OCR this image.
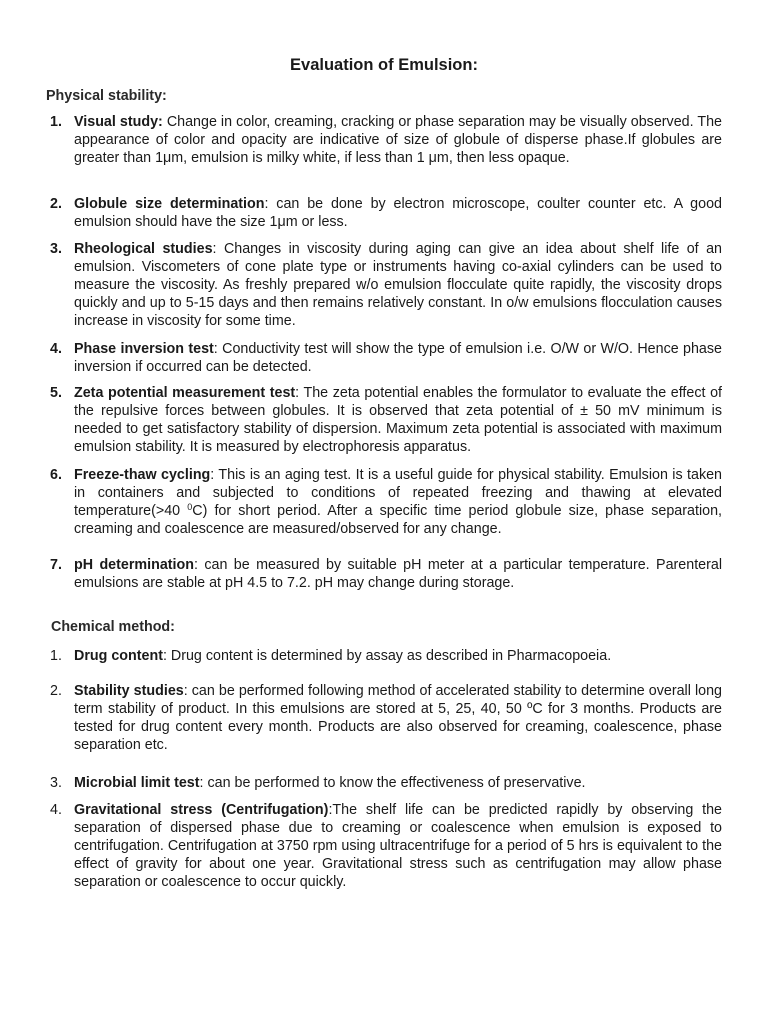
Evaluation of Emulsion:
Physical stability:
1. Visual study: Change in color, creaming, cracking or phase separation may be visually observed. The appearance of color and opacity are indicative of size of globule of disperse phase.If globules are greater than 1μm, emulsion is milky white, if less than 1 μm, then less opaque.
2. Globule size determination: can be done by electron microscope, coulter counter etc. A good emulsion should have the size 1μm or less.
3. Rheological studies: Changes in viscosity during aging can give an idea about shelf life of an emulsion. Viscometers of cone plate type or instruments having co-axial cylinders can be used to measure the viscosity. As freshly prepared w/o emulsion flocculate quite rapidly, the viscosity drops quickly and up to 5-15 days and then remains relatively constant. In o/w emulsions flocculation causes increase in viscosity for some time.
4. Phase inversion test: Conductivity test will show the type of emulsion i.e. O/W or W/O. Hence phase inversion if occurred can be detected.
5. Zeta potential measurement test: The zeta potential enables the formulator to evaluate the effect of the repulsive forces between globules. It is observed that zeta potential of ± 50 mV minimum is needed to get satisfactory stability of dispersion. Maximum zeta potential is associated with maximum emulsion stability. It is measured by electrophoresis apparatus.
6. Freeze-thaw cycling: This is an aging test. It is a useful guide for physical stability. Emulsion is taken in containers and subjected to conditions of repeated freezing and thawing at elevated temperature(>40 $^0$C) for short period. After a specific time period globule size, phase separation, creaming and coalescence are measured/observed for any change.
7. pH determination: can be measured by suitable pH meter at a particular temperature. Parenteral emulsions are stable at pH 4.5 to 7.2. pH may change during storage.
Chemical method:
1. Drug content: Drug content is determined by assay as described in Pharmacopoeia.
2. Stability studies: can be performed following method of accelerated stability to determine overall long term stability of product. In this emulsions are stored at 5, 25, 40, 50 ºC for 3 months. Products are tested for drug content every month. Products are also observed for creaming, coalescence, phase separation etc.
3. Microbial limit test: can be performed to know the effectiveness of preservative.
4. Gravitational stress (Centrifugation):The shelf life can be predicted rapidly by observing the separation of dispersed phase due to creaming or coalescence when emulsion is exposed to centrifugation. Centrifugation at 3750 rpm using ultracentrifuge for a period of 5 hrs is equivalent to the effect of gravity for about one year. Gravitational stress such as centrifugation may allow phase separation or coalescence to occur quickly.
